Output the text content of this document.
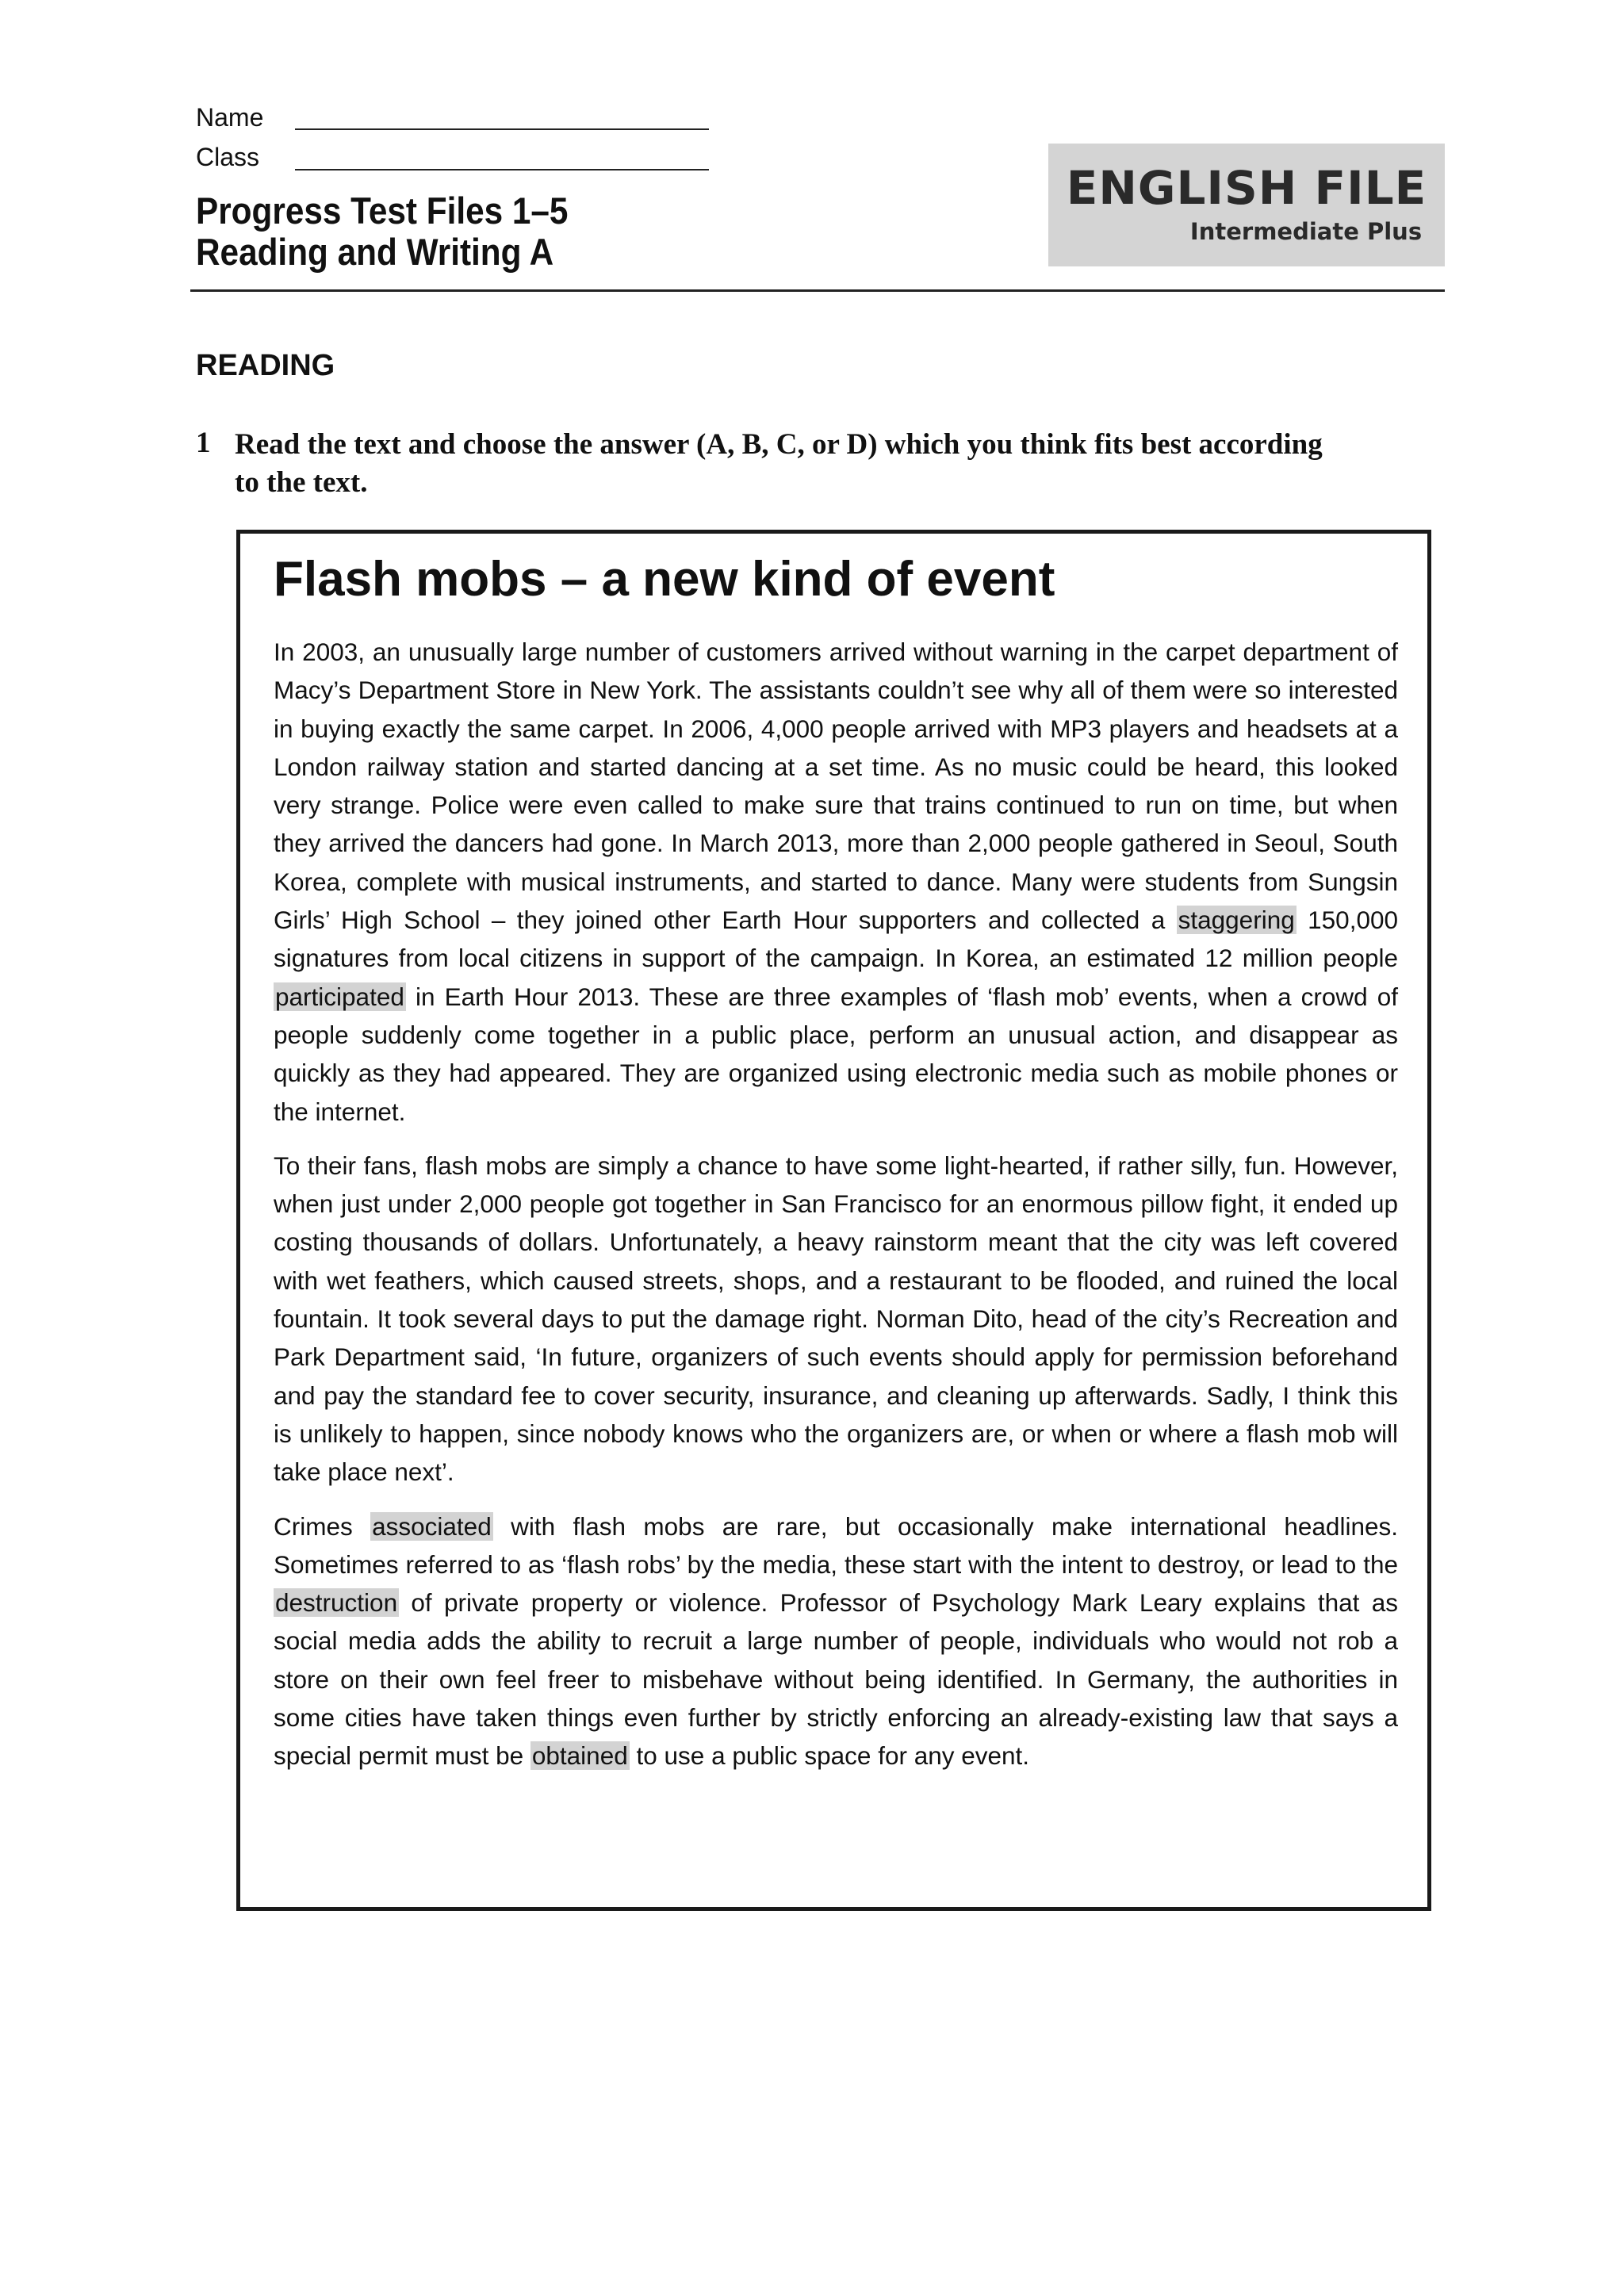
Name
Class
Progress Test Files 1–5
Reading and Writing A
ENGLISH FILE
Intermediate Plus
READING
1 Read the text and choose the answer (A, B, C, or D) which you think fits best according to the text.
Flash mobs – a new kind of event

In 2003, an unusually large number of customers arrived without warning in the carpet department of Macy’s Department Store in New York. The assistants couldn’t see why all of them were so interested in buying exactly the same carpet. In 2006, 4,000 people arrived with MP3 players and headsets at a London railway station and started dancing at a set time. As no music could be heard, this looked very strange. Police were even called to make sure that trains continued to run on time, but when they arrived the dancers had gone. In March 2013, more than 2,000 people gathered in Seoul, South Korea, complete with musical instruments, and started to dance. Many were students from Sungsin Girls’ High School – they joined other Earth Hour supporters and collected a staggering 150,000 signatures from local citizens in support of the campaign. In Korea, an estimated 12 million people participated in Earth Hour 2013. These are three examples of ‘flash mob’ events, when a crowd of people suddenly come together in a public place, perform an unusual action, and disappear as quickly as they had appeared. They are organized using electronic media such as mobile phones or the internet.

To their fans, flash mobs are simply a chance to have some light-hearted, if rather silly, fun. However, when just under 2,000 people got together in San Francisco for an enormous pillow fight, it ended up costing thousands of dollars. Unfortunately, a heavy rainstorm meant that the city was left covered with wet feathers, which caused streets, shops, and a restaurant to be flooded, and ruined the local fountain. It took several days to put the damage right. Norman Dito, head of the city’s Recreation and Park Department said, ‘In future, organizers of such events should apply for permission beforehand and pay the standard fee to cover security, insurance, and cleaning up afterwards. Sadly, I think this is unlikely to happen, since nobody knows who the organizers are, or when or where a flash mob will take place next’.

Crimes associated with flash mobs are rare, but occasionally make international headlines. Sometimes referred to as ‘flash robs’ by the media, these start with the intent to destroy, or lead to the destruction of private property or violence. Professor of Psychology Mark Leary explains that as social media adds the ability to recruit a large number of people, individuals who would not rob a store on their own feel freer to misbehave without being identified. In Germany, the authorities in some cities have taken things even further by strictly enforcing an already-existing law that says a special permit must be obtained to use a public space for any event.
